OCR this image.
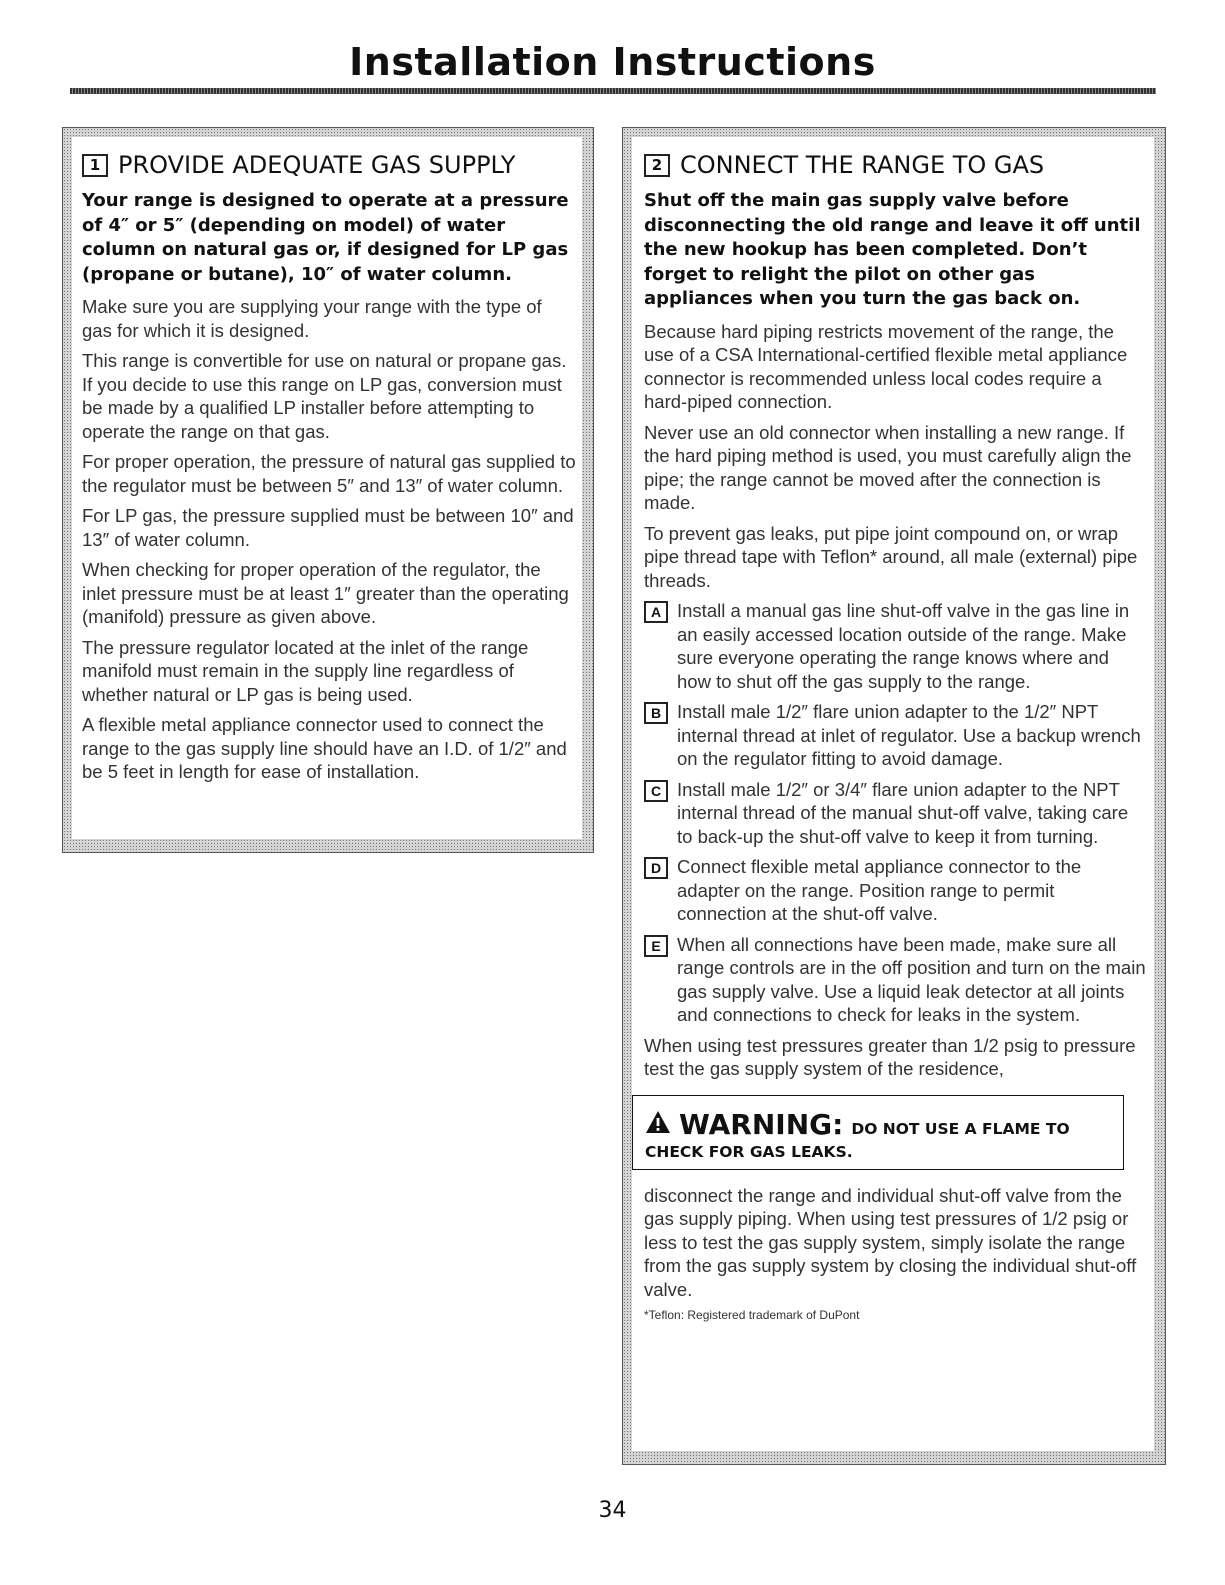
Installation Instructions
1 PROVIDE ADEQUATE GAS SUPPLY

Your range is designed to operate at a pressure of 4″ or 5″ (depending on model) of water column on natural gas or, if designed for LP gas (propane or butane), 10″ of water column.

Make sure you are supplying your range with the type of gas for which it is designed.

This range is convertible for use on natural or propane gas. If you decide to use this range on LP gas, conversion must be made by a qualified LP installer before attempting to operate the range on that gas.

For proper operation, the pressure of natural gas supplied to the regulator must be between 5″ and 13″ of water column.

For LP gas, the pressure supplied must be between 10″ and 13″ of water column.

When checking for proper operation of the regulator, the inlet pressure must be at least 1″ greater than the operating (manifold) pressure as given above.

The pressure regulator located at the inlet of the range manifold must remain in the supply line regardless of whether natural or LP gas is being used.

A flexible metal appliance connector used to connect the range to the gas supply line should have an I.D. of 1/2″ and be 5 feet in length for ease of installation.

2 CONNECT THE RANGE TO GAS

Shut off the main gas supply valve before disconnecting the old range and leave it off until the new hookup has been completed. Don’t forget to relight the pilot on other gas appliances when you turn the gas back on.

Because hard piping restricts movement of the range, the use of a CSA International-certified flexible metal appliance connector is recommended unless local codes require a hard-piped connection.

Never use an old connector when installing a new range. If the hard piping method is used, you must carefully align the pipe; the range cannot be moved after the connection is made.

To prevent gas leaks, put pipe joint compound on, or wrap pipe thread tape with Teflon* around, all male (external) pipe threads.

A Install a manual gas line shut-off valve in the gas line in an easily accessed location outside of the range. Make sure everyone operating the range knows where and how to shut off the gas supply to the range.
B Install male 1/2″ flare union adapter to the 1/2″ NPT internal thread at inlet of regulator. Use a backup wrench on the regulator fitting to avoid damage.
C Install male 1/2″ or 3/4″ flare union adapter to the NPT internal thread of the manual shut-off valve, taking care to back-up the shut-off valve to keep it from turning.
D Connect flexible metal appliance connector to the adapter on the range. Position range to permit connection at the shut-off valve.
E When all connections have been made, make sure all range controls are in the off position and turn on the main gas supply valve. Use a liquid leak detector at all joints and connections to check for leaks in the system.

When using test pressures greater than 1/2 psig to pressure test the gas supply system of the residence,

WARNING: DO NOT USE A FLAME TO
CHECK FOR GAS LEAKS.

disconnect the range and individual shut-off valve from the gas supply piping. When using test pressures of 1/2 psig or less to test the gas supply system, simply isolate the range from the gas supply system by closing the individual shut-off valve.

*Teflon: Registered trademark of DuPont
34
